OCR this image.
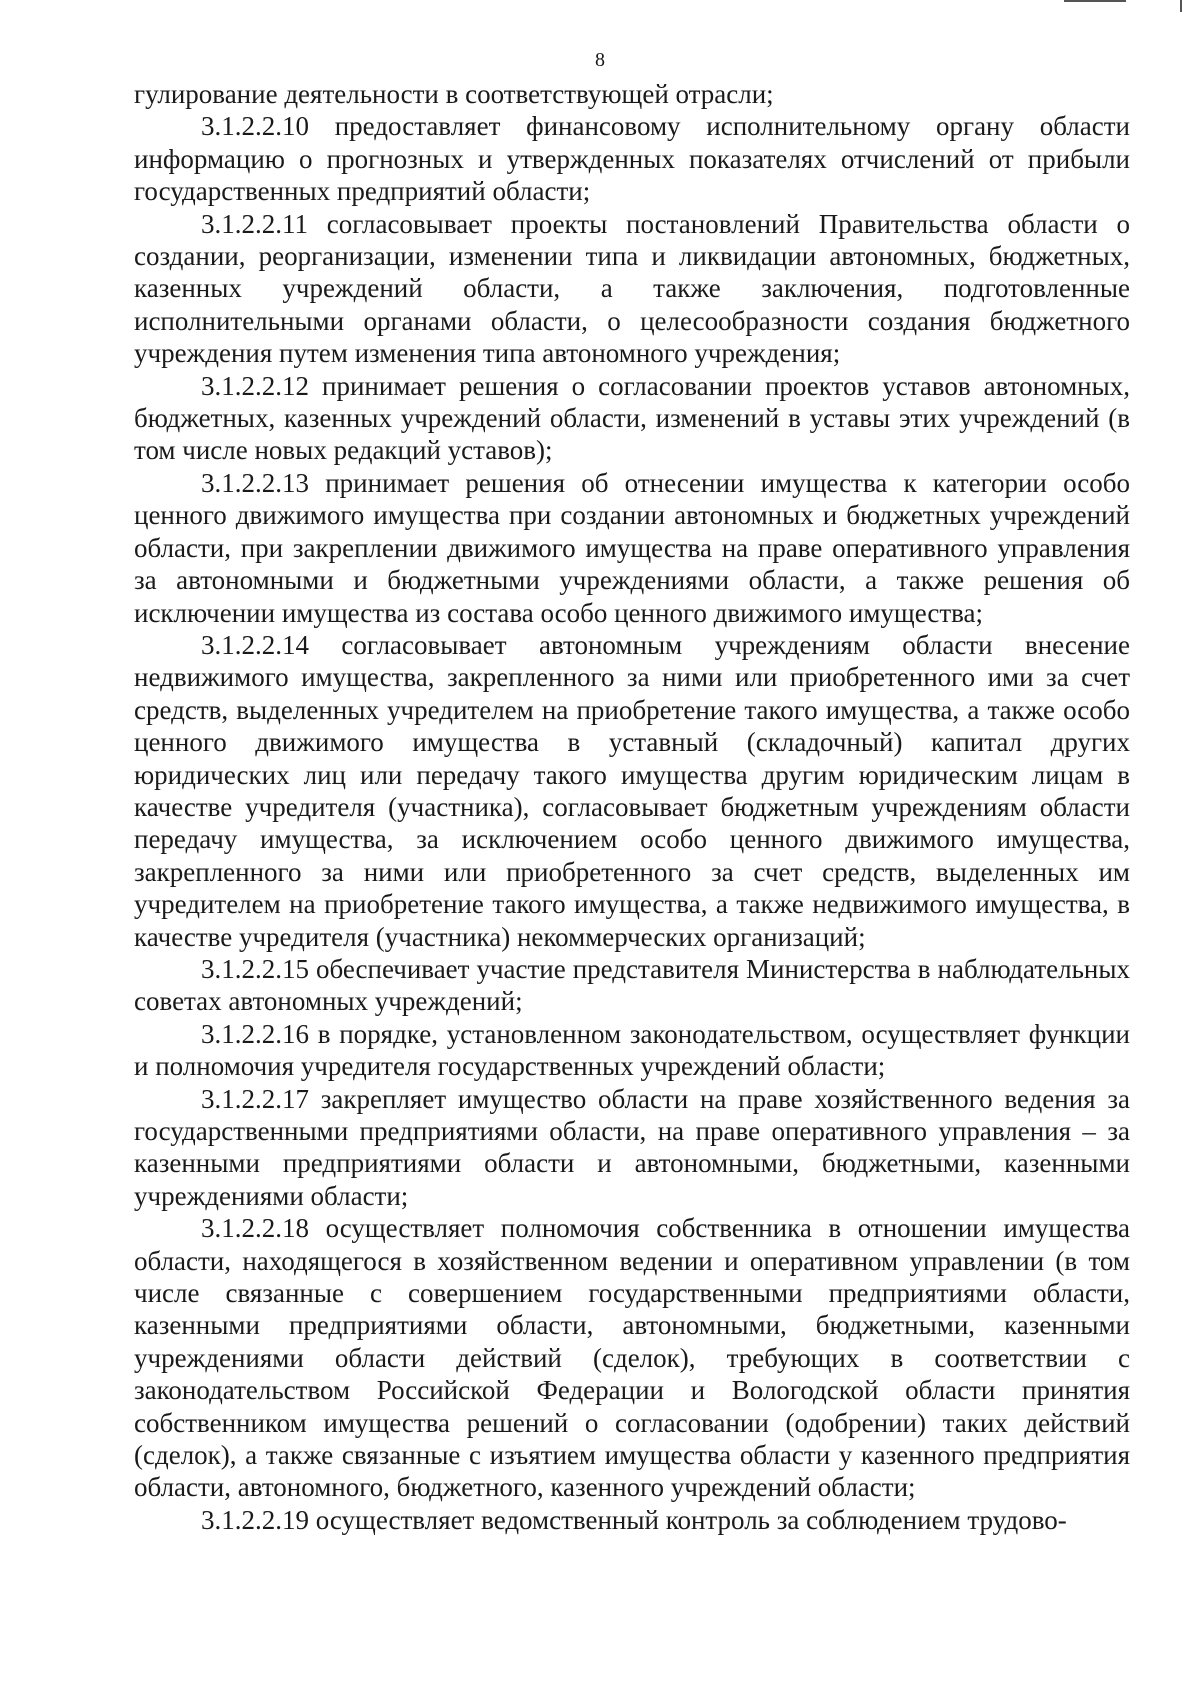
8

гулирование деятельности в соответствующей отрасли;

3.1.2.2.10 предоставляет финансовому исполнительному органу области информацию о прогнозных и утвержденных показателях отчислений от прибыли государственных предприятий области;

3.1.2.2.11 согласовывает проекты постановлений Правительства области о создании, реорганизации, изменении типа и ликвидации автономных, бюджетных, казенных учреждений области, а также заключения, подготовленные исполнительными органами области, о целесообразности создания бюджетного учреждения путем изменения типа автономного учреждения;

3.1.2.2.12 принимает решения о согласовании проектов уставов автономных, бюджетных, казенных учреждений области, изменений в уставы этих учреждений (в том числе новых редакций уставов);

3.1.2.2.13 принимает решения об отнесении имущества к категории особо ценного движимого имущества при создании автономных и бюджетных учреждений области, при закреплении движимого имущества на праве оперативного управления за автономными и бюджетными учреждениями области, а также решения об исключении имущества из состава особо ценного движимого имущества;

3.1.2.2.14 согласовывает автономным учреждениям области внесение недвижимого имущества, закрепленного за ними или приобретенного ими за счет средств, выделенных учредителем на приобретение такого имущества, а также особо ценного движимого имущества в уставный (складочный) капитал других юридических лиц или передачу такого имущества другим юридическим лицам в качестве учредителя (участника), согласовывает бюджетным учреждениям области передачу имущества, за исключением особо ценного движимого имущества, закрепленного за ними или приобретенного за счет средств, выделенных им учредителем на приобретение такого имущества, а также недвижимого имущества, в качестве учредителя (участника) некоммерческих организаций;

3.1.2.2.15 обеспечивает участие представителя Министерства в наблюдательных советах автономных учреждений;

3.1.2.2.16 в порядке, установленном законодательством, осуществляет функции и полномочия учредителя государственных учреждений области;

3.1.2.2.17 закрепляет имущество области на праве хозяйственного ведения за государственными предприятиями области, на праве оперативного управления – за казенными предприятиями области и автономными, бюджетными, казенными учреждениями области;

3.1.2.2.18 осуществляет полномочия собственника в отношении имущества области, находящегося в хозяйственном ведении и оперативном управлении (в том числе связанные с совершением государственными предприятиями области, казенными предприятиями области, автономными, бюджетными, казенными учреждениями области действий (сделок), требующих в соответствии с законодательством Российской Федерации и Вологодской области принятия собственником имущества решений о согласовании (одобрении) таких действий (сделок), а также связанные с изъятием имущества области у казенного предприятия области, автономного, бюджетного, казенного учреждений области;

3.1.2.2.19 осуществляет ведомственный контроль за соблюдением трудово-
